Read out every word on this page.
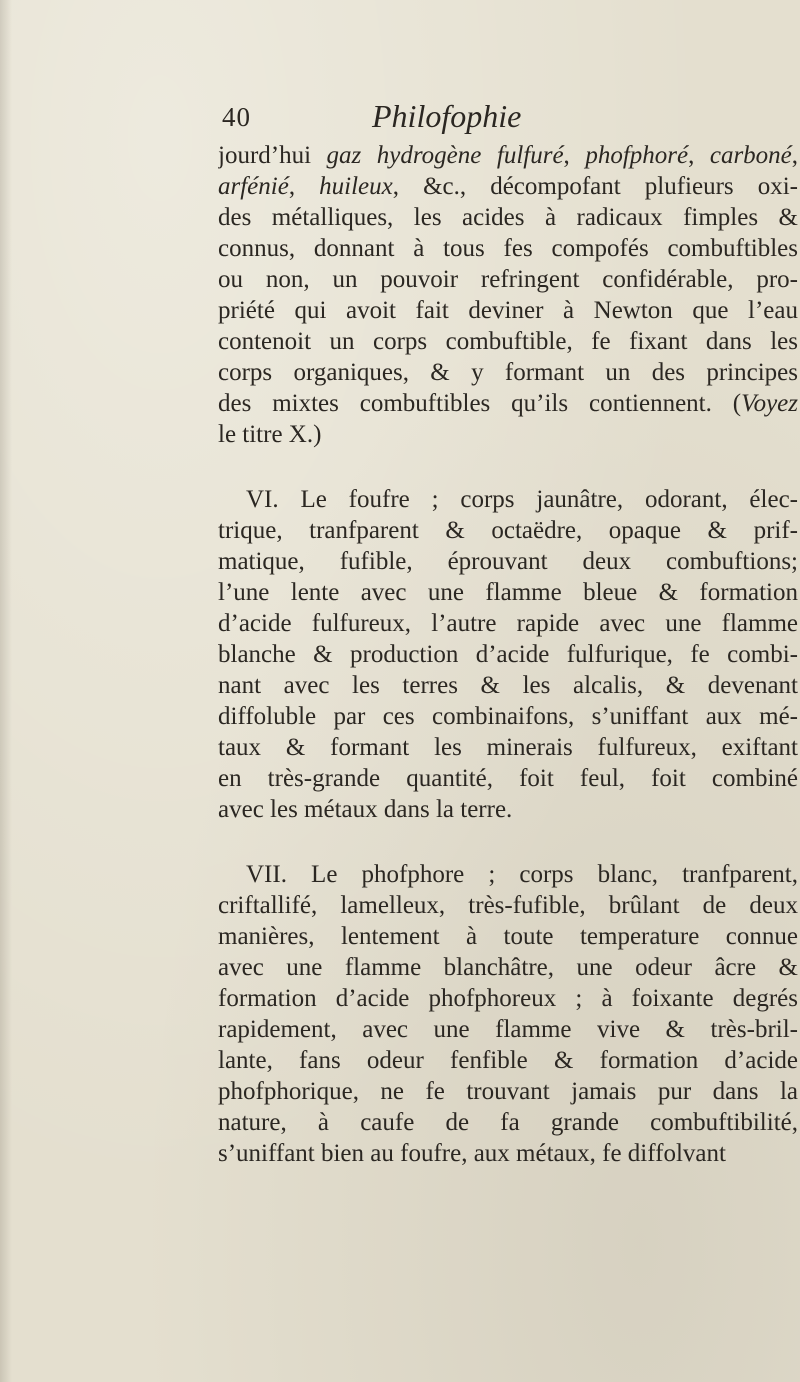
40	Philofophie
jourd’hui gaz hydrogène fulfuré, phofphoré, carboné,
arfénié, huileux, &c., décompofant plufieurs oxi-
des métalliques, les acides à radicaux fimples &
connus, donnant à tous fes compofés combuftibles
ou non, un pouvoir refringent confidérable, pro-
priété qui avoit fait deviner à Newton que l’eau
contenoit un corps combuftible, fe fixant dans les
corps organiques, & y formant un des principes
des mixtes combuftibles qu’ils contiennent. (Voyez
le titre X.)
VI. Le foufre ; corps jaunâtre, odorant, élec-
trique, tranfparent & octaëdre, opaque & prif-
matique, fufible, éprouvant deux combuftions;
l’une lente avec une flamme bleue & formation
d’acide fulfureux, l’autre rapide avec une flamme
blanche & production d’acide fulfurique, fe combi-
nant avec les terres & les alcalis, & devenant
diffoluble par ces combinaifons, s’uniffant aux mé-
taux & formant les minerais fulfureux, exiftant
en très-grande quantité, foit feul, foit combiné
avec les métaux dans la terre.
VII. Le phofphore ; corps blanc, tranfparent,
criftallifé, lamelleux, très-fufible, brûlant de deux
manières, lentement à toute temperature connue
avec une flamme blanchâtre, une odeur âcre &
formation d’acide phofphoreux ; à foixante degrés
rapidement, avec une flamme vive & très-bril-
lante, fans odeur fenfible & formation d’acide
phofphorique, ne fe trouvant jamais pur dans la
nature, à caufe de fa grande combuftibilité,
s’uniffant bien au foufre, aux métaux, fe diffolvant
